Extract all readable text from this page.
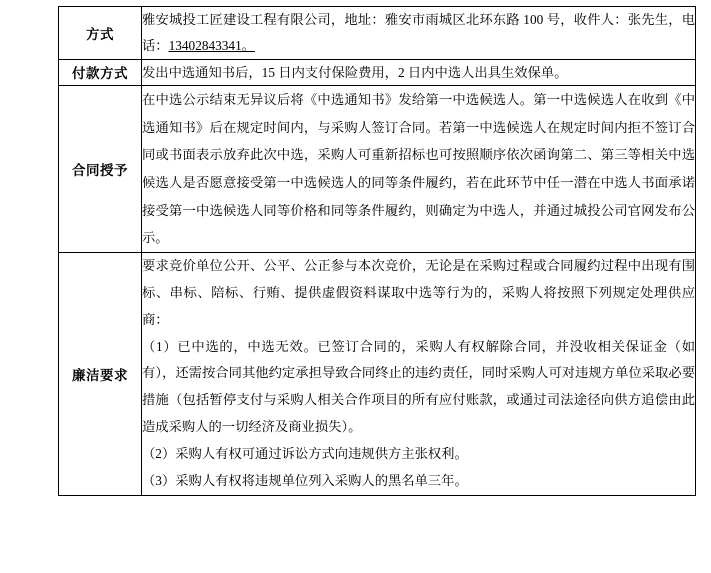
方式	雅安城投工匠建设工程有限公司，地址：雅安市雨城区北环东路 100 号，收件人：张先生，电话：13402843341。

付款方式	发出中选通知书后，15 日内支付保险费用，2 日内中选人出具生效保单。

合同授予	在中选公示结束无异议后将《中选通知书》发给第一中选候选人。第一中选候选人在收到《中选通知书》后在规定时间内，与采购人签订合同。若第一中选候选人在规定时间内拒不签订合同或书面表示放弃此次中选，采购人可重新招标也可按照顺序依次函询第二、第三等相关中选候选人是否愿意接受第一中选候选人的同等条件履约，若在此环节中任一潜在中选人书面承诺接受第一中选候选人同等价格和同等条件履约，则确定为中选人，并通过城投公司官网发布公示。

廉洁要求	要求竞价单位公开、公平、公正参与本次竞价，无论是在采购过程或合同履约过程中出现有围标、串标、陪标、行贿、提供虚假资料谋取中选等行为的，采购人将按照下列规定处理供应商：

（1）已中选的，中选无效。已签订合同的，采购人有权解除合同，并没收相关保证金（如有），还需按合同其他约定承担导致合同终止的违约责任，同时采购人可对违规方单位采取必要措施（包括暂停支付与采购人相关合作项目的所有应付账款，或通过司法途径向供方追偿由此造成采购人的一切经济及商业损失）。

（2）采购人有权可通过诉讼方式向违规供方主张权利。

（3）采购人有权将违规单位列入采购人的黑名单三年。
